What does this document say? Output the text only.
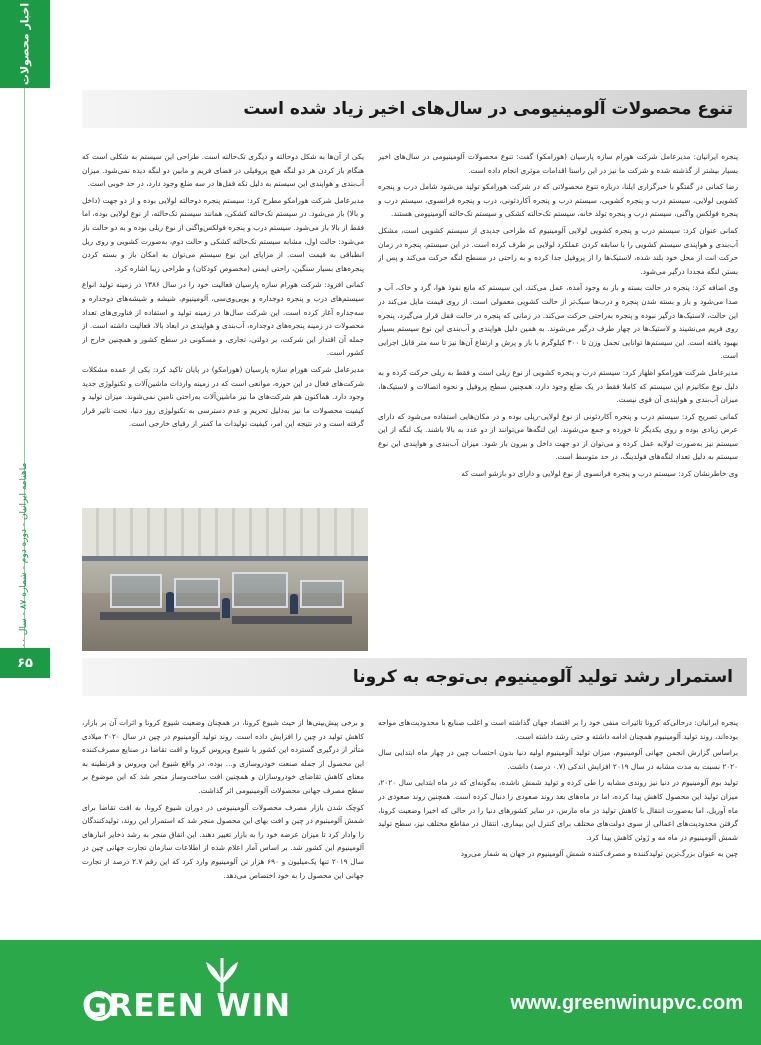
اخبار محصولات
ماهنامه ایرانیان - دوره دوم - شماره ۸۷ - سال
۶۵
تنوع محصولات آلومینیومی در سال‌های اخیر زیاد شده است

پنجره ایرانیان: مدیرعامل شرکت هورام سازه پارسیان (هورامکو) گفت: تنوع محصولات آلومینیومی در سال‌های اخیر بسیار بیشتر از گذشته شده و شرکت ما نیز در این راستا اقدامات موثری انجام داده است.

رضا کمانی در گفتگو با خبرگزاری ایلنا، درباره تنوع محصولاتی که در شرکت هورامکو تولید می‌شود شامل درب و پنجره کشویی لولایی، سیستم درب و پنجره کشویی، سیستم درب و پنجره آکاردئونی، درب و پنجره فرانسوی، سیستم درب و پنجره فولکس واگنی، سیستم درب و پنجره تولد خانه، سیستم تک‌حالته کشکی و سیستم تک‌حالته آلومینیومی هستند.

کمانی عنوان کرد: سیستم درب و پنجره کشویی لولایی آلومینیوم که طراحی جدیدی از سیستم کشویی است، مشکل آب‌بندی و هواپندی سیستم کشویی را با سابقه کردن عملکرد لولایی بر طرف کرده است. در این سیستم، پنجره در زمان حرکت انت از محل خود بلند شده، لاستیک‌ها را از پروفیل جدا کرده و به راحتی در مسطح لنگه حرکت می‌کند و پس از بستن لنگه مجددا درگیر می‌شود.

وی اضافه کرد: پنجره در حالت بسته و باز به وجود آمده، عمل می‌کند، این سیستم که مانع نفوذ هوا، گرد و خاک، آب و صدا می‌شود و باز و بسته شدن پنجره و درب‌ها سبک‌تر از حالت کشویی معمولی است. از روی قیمت مایل می‌کند در این حالت، لاستیک‌ها درگیر نبوده و پنجره به‌راحتی حرکت می‌کند. در زمانی که پنجره در حالت قفل قرار می‌گیرد، پنجره روی فریم می‌نشیند و لاستیک‌ها در چهار طرف درگیر می‌شوند. به همین دلیل هواپندی و آب‌بندی این نوع سیستم بسیار بهبود یافته است. این سیستم‌ها توانایی تحمل وزن تا ۳۰۰ کیلوگرم با باز و پرش و ارتفاع آن‌ها نیز تا سه متر قابل اجرایی است.

مدیرعامل شرکت هورامکو اظهار کرد: سیستم درب و پنجره کشویی از نوع ریلی است و فقط به ریلی حرکت کرده و به دلیل نوع مکانیزم این سیستم که کاملا فقط در یک ضلع وجود دارد، همچنین سطح پروفیل و نحوه اتصالات و لاستیک‌ها، میزان آب‌بندی و هواپندی آن قوی نیست.

کمانی تصریح کرد: سیستم درب و پنجره آکاردئونی از نوع لولایی-ریلی بوده و در مکان‌هایی استفاده می‌شود که دارای عرض زیادی بوده و روی یکدیگر تا خورده و جمع می‌شوند. این لنگه‌ها می‌توانند از دو عدد به بالا باشند. یک لنگه از این سیستم نیز به‌صورت لولایه عمل کرده و می‌توان از دو جهت داخل و بیرون باز شود. میزان آب‌بندی و هواپندی این نوع سیستم به دلیل تعداد لنگه‌های فولدینگ، در حد متوسط است.

وی خاطرنشان کرد: سیستم درب و پنجره فرانسوی از نوع لولایی و دارای دو بازشو است که

یکی از آن‌ها به شکل دوحالته و دیگری تک‌حالته است. طراحی این سیستم به شکلی است که هنگام باز کردن هر دو لنگه هیچ پروفیلی در فضای فریم و مابین دو لنگه دیده نمی‌شود. میزان آب‌بندی و هواپندی این سیستم به دلیل تکه قفل‌ها در سه ضلع وجود دارد، در حد خوبی است.

مدیرعامل شرکت هورامکو مطرح کرد: سیستم پنجره دوحالته لولایی بوده و از دو جهت (داخل و بالا) باز می‌شود. در سیستم تک‌حالته کشکی، همانند سیستم تک‌حالته، از نوع لولایی بوده، اما فقط از بالا باز می‌شود. سیستم درب و پنجره فولکس‌واگنی از نوع ریلی بوده و به دو حالت باز می‌شود: حالت اول، مشابه سیستم تک‌حالته کشکی و حالت دوم، به‌صورت کشویی و روی ریل انطباقی به قیمت است. از مزایای این نوع سیستم می‌توان به امکان باز و بسته کردن پنجره‌های بسیار سنگین، راحتی ایمنی (مخصوص کودکان) و طراحی زیبا اشاره کرد.

کمانی افزود: شرکت هورام سازه پارسیان فعالیت خود را در سال ۱۳۸۶ در زمینه تولید انواع سیستم‌های درب و پنجره دوجداره و یوپی‌وی‌سی، آلومینیوم، شیشه و شیشه‌های دوجداره و سه‌جداره آغاز کرده است. این شرکت سال‌ها در زمینه تولید و استفاده از فناوری‌های تعداد محصولات در زمینه پنجره‌های دوجداره، آب‌بندی و هواپندی در ابعاد بالا، فعالیت داشته است. از جمله آن اقتدار این شرکت، بر دولتی، تجاری، و مسکونی در سطح کشور و همچنین خارج از کشور است.

مدیرعامل شرکت هورام سازه پارسیان (هورامکو) در پایان تاکید کرد: یکی از عمده مشکلات شرکت‌های فعال در این حوزه، موانعی است که در زمینه واردات ماشین‌آلات و تکنولوژی جدید وجود دارد. هماکنون هم شرکت‌های ما نیز ماشین‌آلات به‌راحتی تامین نمی‌شوند. میزان تولید و کیفیت محصولات ما نیز به‌دلیل تحریم و عدم دسترسی به تکنولوژی روز دنیا، تحت تاثیر قرار گرفته است و در نتیجه این امر، کیفیت تولیدات ما کمتر از رقبای خارجی است.

استمرار رشد تولید آلومینیوم بی‌توجه به کرونا

پنجره ایرانیان: درحالی‌که کرونا تاثیرات منفی خود را بر اقتصاد جهان گذاشته است و اغلب صنایع با محدودیت‌های مواجه بوده‌اند، روند تولید آلومینیوم همچنان ادامه داشته و حتی رشد داشته است.

براساس گزارش انجمن جهانی آلومینیوم، میزان تولید آلومینیوم اولیه دنیا بدون احتساب چین در چهار ماه ابتدایی سال ۲۰۲۰ نسبت به مدت مشابه در سال ۲۰۱۹ افزایش اندکی (۰.۷ درصد) داشت.

تولید بوم آلومینیوم در دنیا نیز روندی مشابه را طی کرده و تولید شمش ناشده، به‌گونه‌ای که در ماه ابتدایی سال ۲۰۲۰، میزان تولید این محصول کاهش پیدا کرده، اما در ماه‌های بعد روند صعودی را دنبال کرده است. همچنین روند صعودی در ماه آوریل، اما به‌صورت انتقال با کاهش تولید در ماه مارس، در سایر کشورهای دنیا را در حالی که اخیرا وضعیت کرونا، گرفتن محدودیت‌های اعمالی از سوی دولت‌های مختلف برای کنترل این بیماری، انتقال در مقاطع مختلف نیز، سطح تولید شمش آلومینیوم در ماه مه و ژوئن کاهش پیدا کرد.

چین به عنوان بزرگ‌ترین تولیدکننده و مصرف‌کننده شمش آلومینیوم در جهان به شمار می‌رود

و برخی پیش‌بینی‌ها از حیث شیوع کرونا، در همچنان وضعیت شیوع کرونا و اثرات آن بر بازار، کاهش تولید در چین را افزایش داده است. روند تولید آلومینیوم در چین در سال ۲۰۲۰ میلادی متأثر از درگیری گسترده این کشور با شیوع ویروس کرونا و افت تقاضا در صنایع مصرف‌کننده این محصول از جمله صنعت خودروسازی و... بوده، در واقع شیوع این ویروس و قرنطینه به معنای کاهش تقاضای خودروسازان و همچنین افت ساخت‌وساز منجر شد که این موضوع بر سطح مصرف جهانی محصولات آلومینیومی اثر گذاشت.

کوچک شدن بازار مصرف محصولات آلومینیومی در دوران شیوع کرونا، به افت تقاضا برای شمش آلومینیوم در چین و افت بهای این محصول منجر شد که استمرار این روند، تولیدکنندگان را وادار کرد تا میزان عرضه خود را به بازار تغییر دهند. این اتفاق منجر به رشد ذخایر انبارهای آلومینیوم این کشور شد. بر اساس آمار اعلام شده از اطلاعات سازمان تجارت جهانی چین در سال ۲۰۱۹ تنها یک‌میلیون و ۶۹۰ هزار تن آلومینیوم وارد کرد که این رقم ۲.۷ درصد از تجارت جهانی این محصول را به خود اختصاص می‌دهد.

GREEN WIN	www.greenwinupvc.com
